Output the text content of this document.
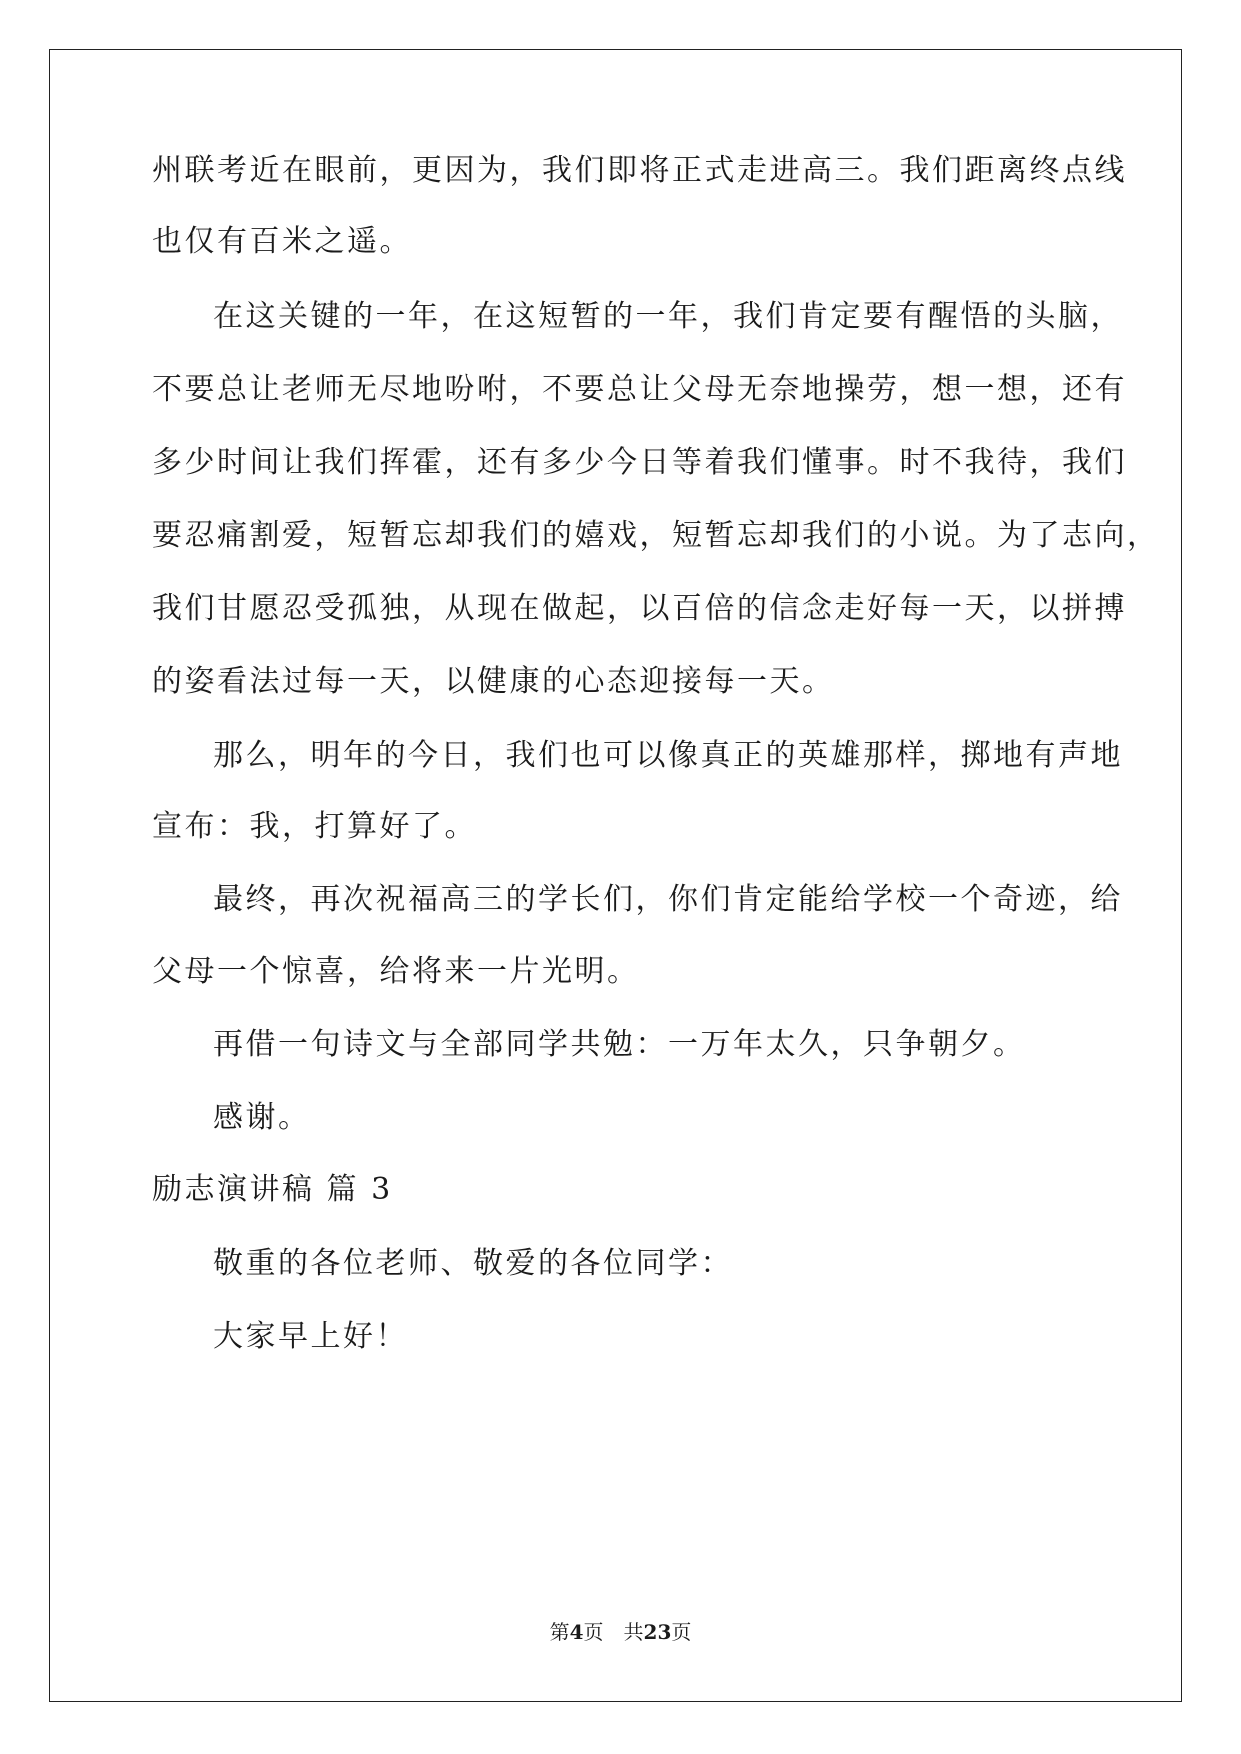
州联考近在眼前，更因为，我们即将正式走进高三。我们距离终点线
也仅有百米之遥。
在这关键的一年，在这短暂的一年，我们肯定要有醒悟的头脑，
不要总让老师无尽地吩咐，不要总让父母无奈地操劳，想一想，还有
多少时间让我们挥霍，还有多少今日等着我们懂事。时不我待，我们
要忍痛割爱，短暂忘却我们的嬉戏，短暂忘却我们的小说。为了志向，
我们甘愿忍受孤独，从现在做起，以百倍的信念走好每一天，以拼搏
的姿看法过每一天，以健康的心态迎接每一天。
那么，明年的今日，我们也可以像真正的英雄那样，掷地有声地
宣布：我，打算好了。
最终，再次祝福高三的学长们，你们肯定能给学校一个奇迹，给
父母一个惊喜，给将来一片光明。
再借一句诗文与全部同学共勉：一万年太久，只争朝夕。
感谢。
励志演讲稿 篇 3
敬重的各位老师、敬爱的各位同学：
大家早上好！
第4页　共23页
